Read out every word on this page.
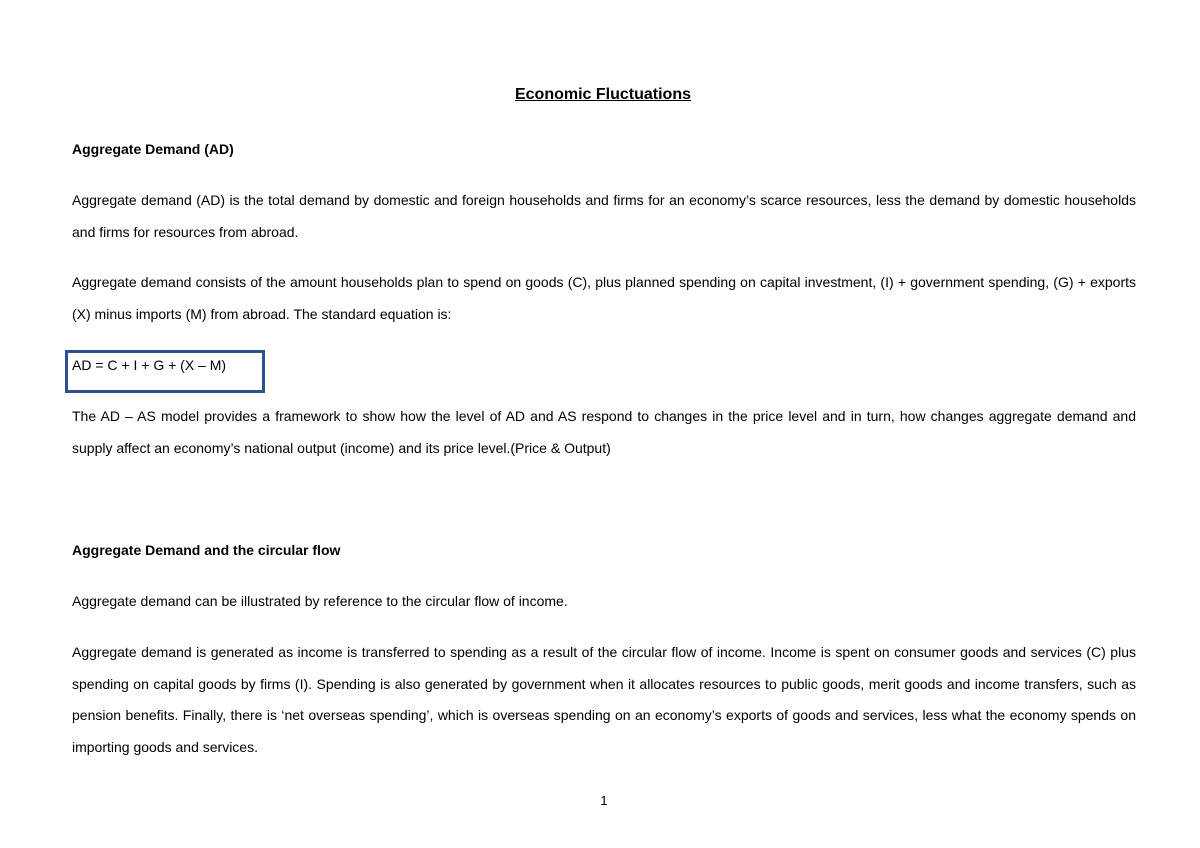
Economic Fluctuations
Aggregate Demand (AD)
Aggregate demand (AD) is the total demand by domestic and foreign households and firms for an economy’s scarce resources, less the demand by domestic households and firms for resources from abroad.
Aggregate demand consists of the amount households plan to spend on goods (C), plus planned spending on capital investment, (I) + government spending, (G) + exports (X) minus imports (M) from abroad. The standard equation is:
AD = C + I + G + (X – M)
The AD – AS model provides a framework to show how the level of AD and AS respond to changes in the price level and in turn, how changes aggregate demand and supply affect an economy’s national output (income) and its price level.(Price & Output)
Aggregate Demand and the circular flow
Aggregate demand can be illustrated by reference to the circular flow of income.
Aggregate demand is generated as income is transferred to spending as a result of the circular flow of income. Income is spent on consumer goods and services (C) plus spending on capital goods by firms (I). Spending is also generated by government when it allocates resources to public goods, merit goods and income transfers, such as pension benefits. Finally, there is ‘net overseas spending’, which is overseas spending on an economy’s exports of goods and services, less what the economy spends on importing goods and services.
1
